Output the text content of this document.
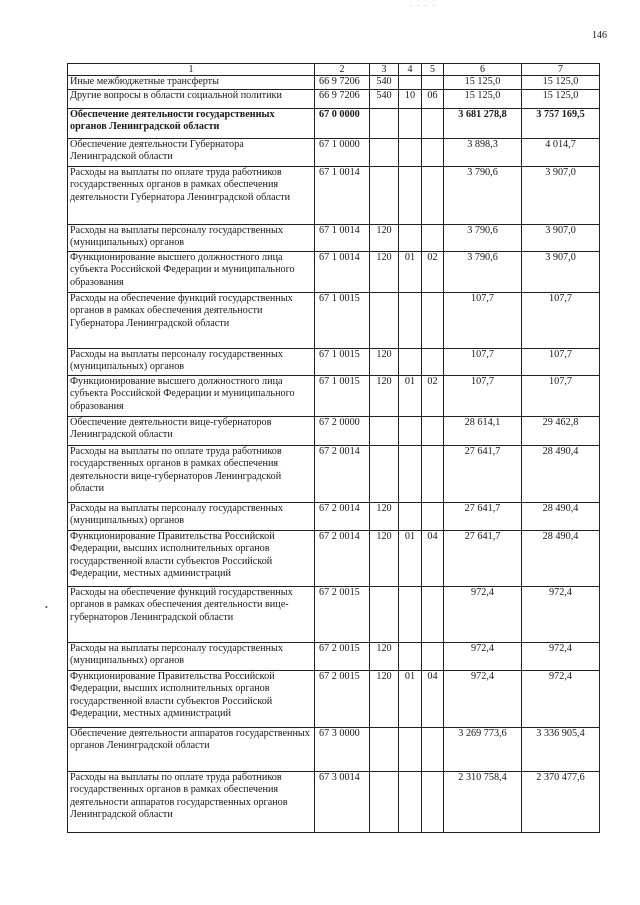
. . . .
146
•
1	2	3	4	5	6	7
Иные межбюджетные трансферты	66 9 7206	540			15 125,0	15 125,0
Другие вопросы в области социальной политики	66 9 7206	540	10	06	15 125,0	15 125,0
Обеспечение деятельности государственных органов Ленинградской области	67 0 0000				3 681 278,8	3 757 169,5
Обеспечение деятельности Губернатора Ленинградской области	67 1 0000				3 898,3	4 014,7
Расходы на выплаты по оплате труда работников государственных органов в рамках обеспечения деятельности Губернатора Ленинградской области	67 1 0014				3 790,6	3 907,0
Расходы на выплаты персоналу государственных (муниципальных) органов	67 1 0014	120			3 790,6	3 907,0
Функционирование высшего должностного лица субъекта Российской Федерации и муниципального образования	67 1 0014	120	01	02	3 790,6	3 907,0
Расходы на обеспечение функций государственных органов в рамках обеспечения деятельности Губернатора Ленинградской области	67 1 0015				107,7	107,7
Расходы на выплаты персоналу государственных (муниципальных) органов	67 1 0015	120			107,7	107,7
Функционирование высшего должностного лица субъекта Российской Федерации и муниципального образования	67 1 0015	120	01	02	107,7	107,7
Обеспечение деятельности вице-губернаторов Ленинградской области	67 2 0000				28 614,1	29 462,8
Расходы на выплаты по оплате труда работников государственных органов в рамках обеспечения деятельности вице-губернаторов Ленинградской области	67 2 0014				27 641,7	28 490,4
Расходы на выплаты персоналу государственных (муниципальных) органов	67 2 0014	120			27 641,7	28 490,4
Функционирование Правительства Российской Федерации, высших исполнительных органов государственной власти субъектов Российской Федерации, местных администраций	67 2 0014	120	01	04	27 641,7	28 490,4
Расходы на обеспечение функций государственных органов в рамках обеспечения деятельности вице-губернаторов Ленинградской области	67 2 0015				972,4	972,4
Расходы на выплаты персоналу государственных (муниципальных) органов	67 2 0015	120			972,4	972,4
Функционирование Правительства Российской Федерации, высших исполнительных органов государственной власти субъектов Российской Федерации, местных администраций	67 2 0015	120	01	04	972,4	972,4
Обеспечение деятельности аппаратов государственных органов Ленинградской области	67 3 0000				3 269 773,6	3 336 905,4
Расходы на выплаты по оплате труда работников государственных органов в рамках обеспечения деятельности аппаратов государственных органов Ленинградской области	67 3 0014				2 310 758,4	2 370 477,6
